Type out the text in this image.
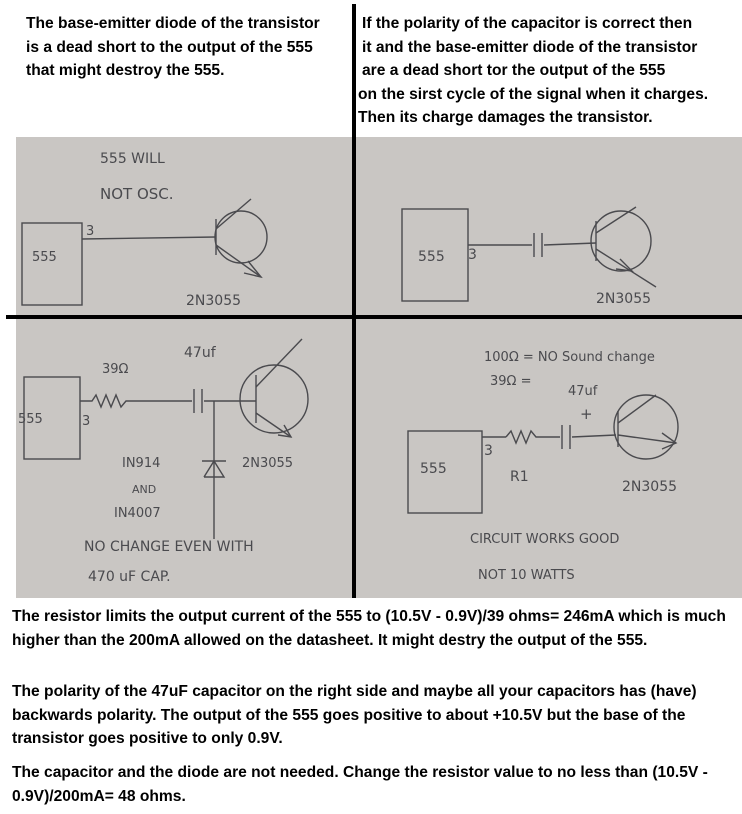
The base-emitter diode of the transistor
is a dead short to the output of the 555
that might destroy the 555.
If the polarity of the capacitor is correct then
it and the base-emitter diode of the transistor
are a dead short tor the output of the 555
on the sirst cycle of the signal when it charges.
Then its charge damages the transistor.
555 WILL
NOT OSC.
555
3
2N3055
555 3
2N3055
39Ω
47uf
555	3
IN914
AND
IN4007
2N3055
NO CHANGE EVEN WITH
470 uF CAP.
100Ω = NO Sound change
39Ω =
47uf
+
555
3
R1
2N3055
CIRCUIT WORKS GOOD
NOT 10 WATTS
The resistor limits the output current of the 555 to (10.5V - 0.9V)/39 ohms= 246mA which is much higher than the 200mA allowed on the datasheet. It might destry the output of the 555.
The polarity of the 47uF capacitor on the right side and maybe all your capacitors has (have) backwards polarity. The output of the 555 goes positive to about +10.5V but the base of the transistor goes positive to only 0.9V.
The capacitor and the diode are not needed. Change the resistor value to no less than (10.5V - 0.9V)/200mA= 48 ohms.
